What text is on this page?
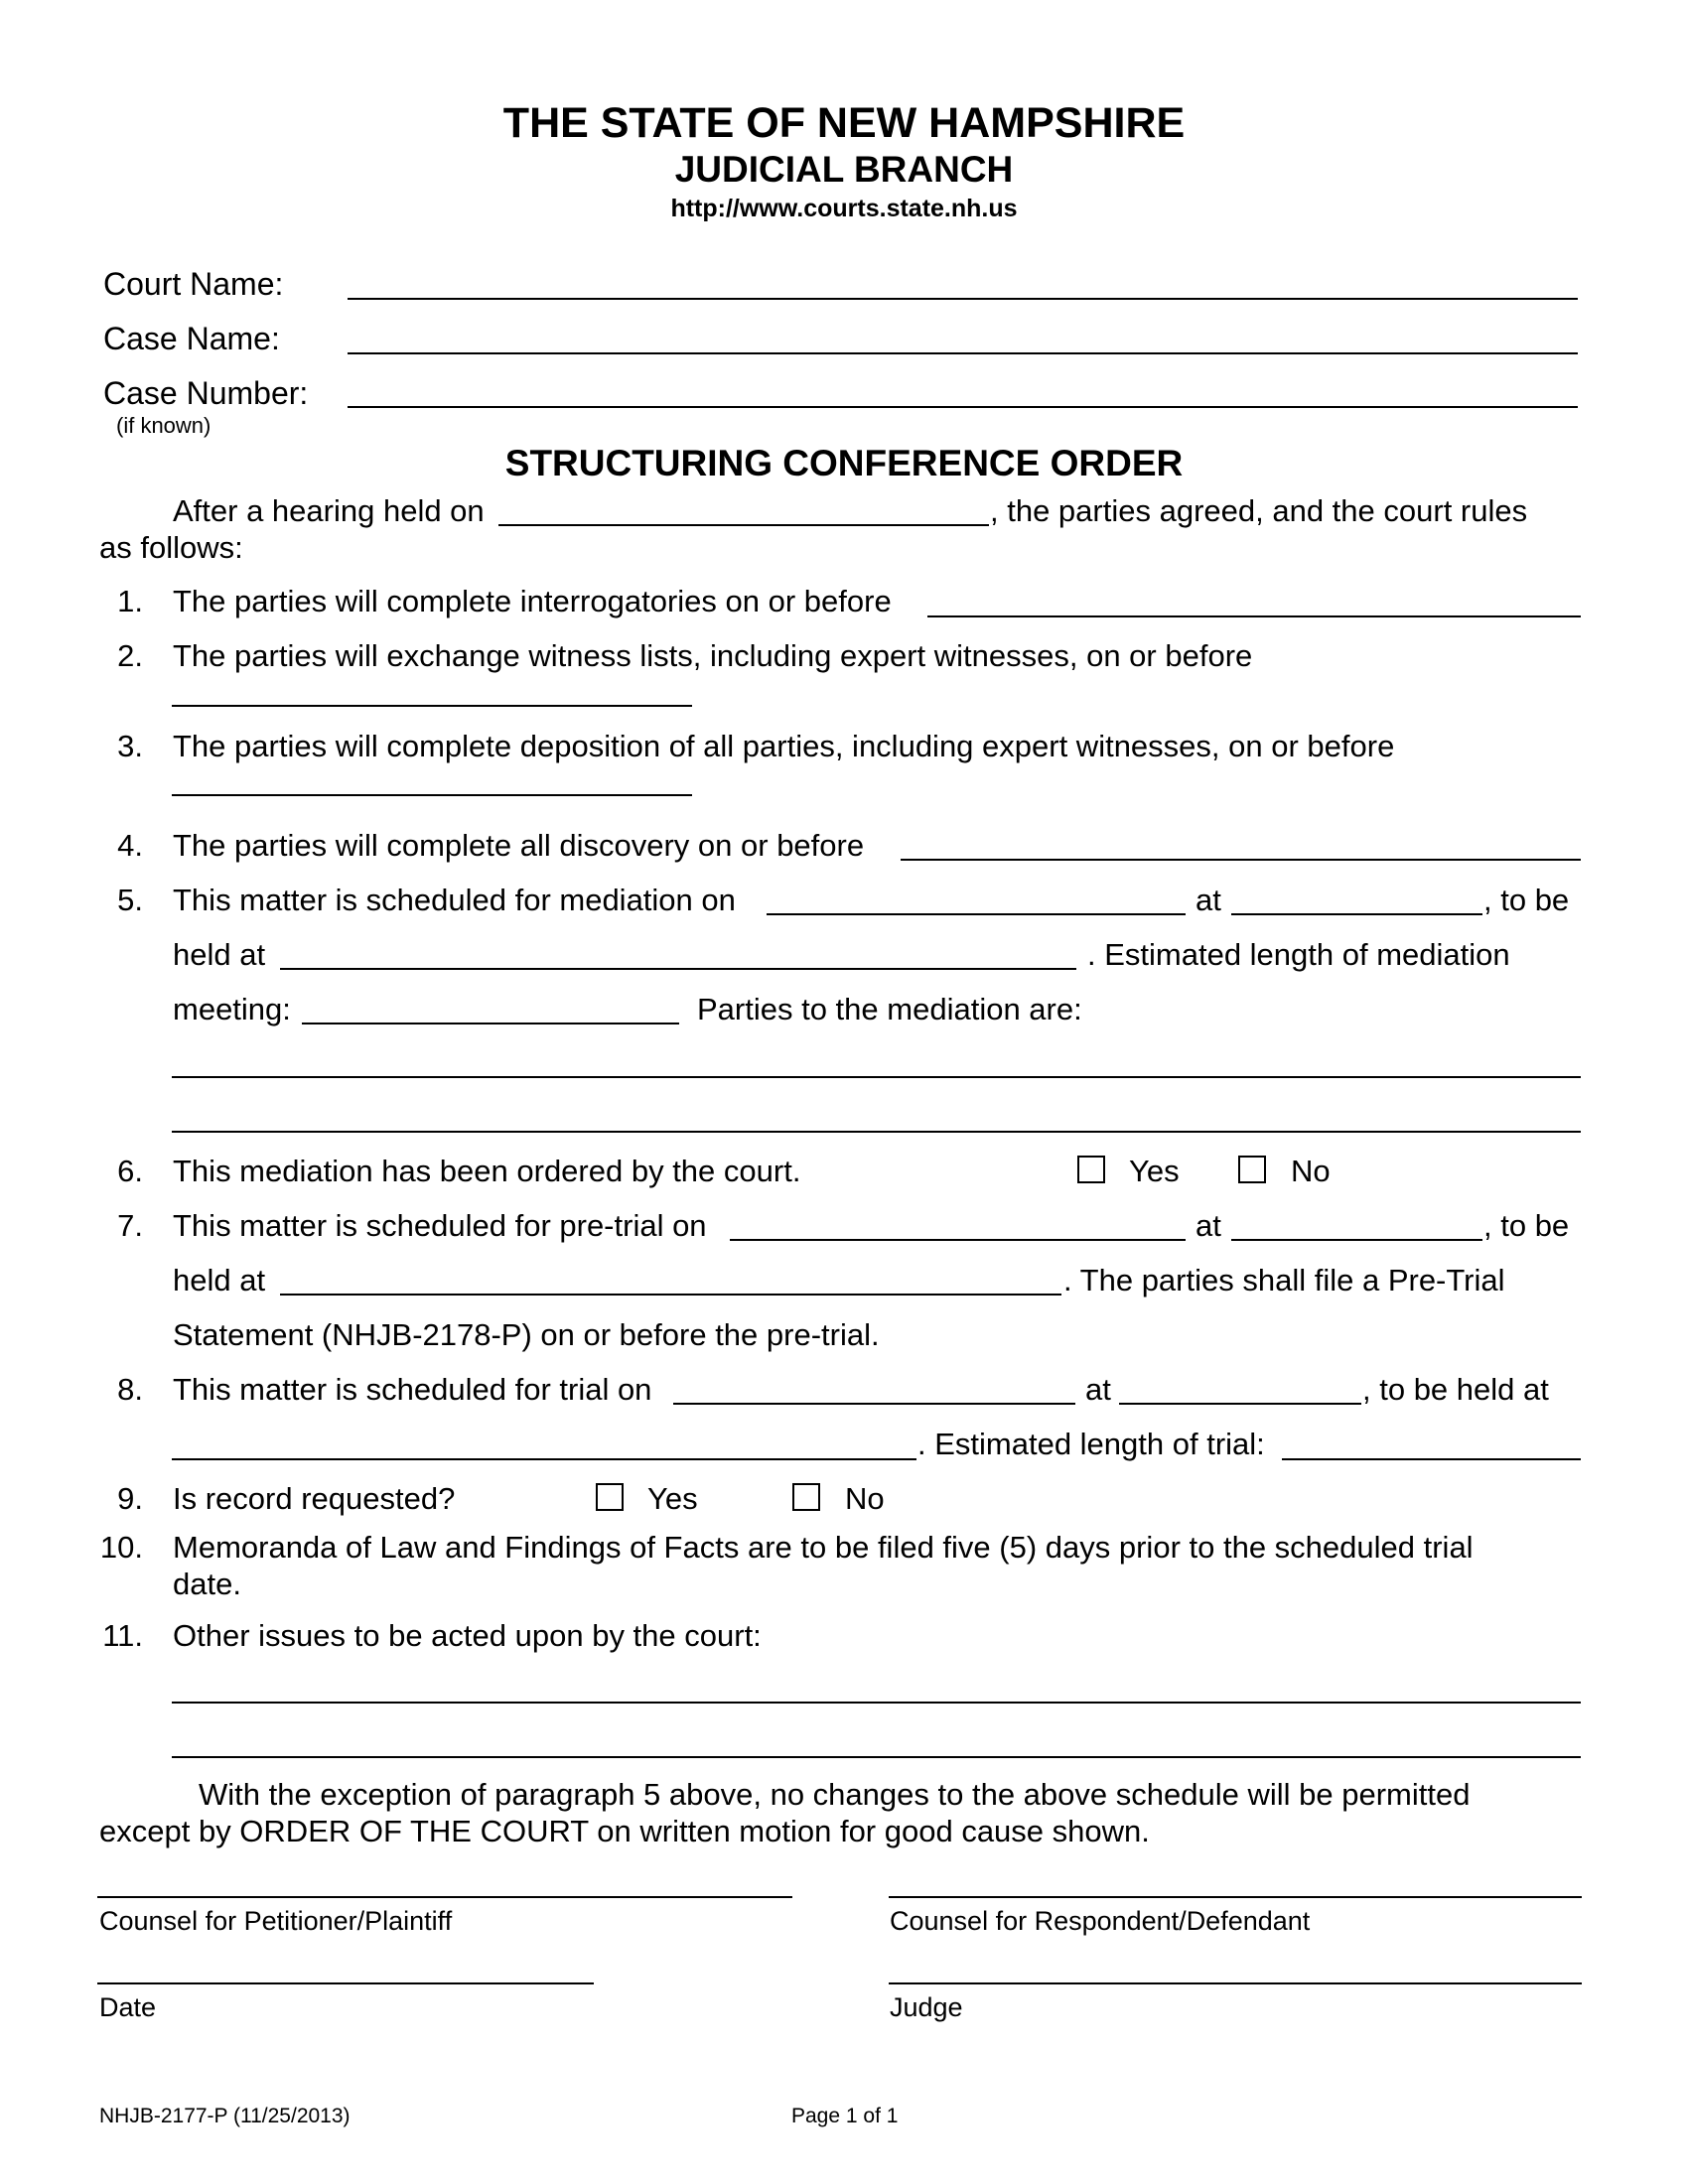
THE STATE OF NEW HAMPSHIRE
JUDICIAL BRANCH
http://www.courts.state.nh.us
Court Name:
Case Name:
Case Number:
(if known)
STRUCTURING CONFERENCE ORDER
After a hearing held on	, the parties agreed, and the court rules
as follows:
1. The parties will complete interrogatories on or before
2. The parties will exchange witness lists, including expert witnesses, on or before
3. The parties will complete deposition of all parties, including expert witnesses, on or before
4. The parties will complete all discovery on or before
5. This matter is scheduled for mediation on	at	, to be
held at	. Estimated length of mediation
meeting:	Parties to the mediation are:
6. This mediation has been ordered by the court.	Yes	No
7. This matter is scheduled for pre-trial on	at	, to be
held at	. The parties shall file a Pre-Trial
Statement (NHJB-2178-P) on or before the pre-trial.
8. This matter is scheduled for trial on	at	, to be held at
. Estimated length of trial:
9. Is record requested?	Yes	No
10. Memoranda of Law and Findings of Facts are to be filed five (5) days prior to the scheduled trial
date.
11. Other issues to be acted upon by the court:
With the exception of paragraph 5 above, no changes to the above schedule will be permitted
except by ORDER OF THE COURT on written motion for good cause shown.
Counsel for Petitioner/Plaintiff	Counsel for Respondent/Defendant
Date	Judge
NHJB-2177-P (11/25/2013)	Page 1 of 1
